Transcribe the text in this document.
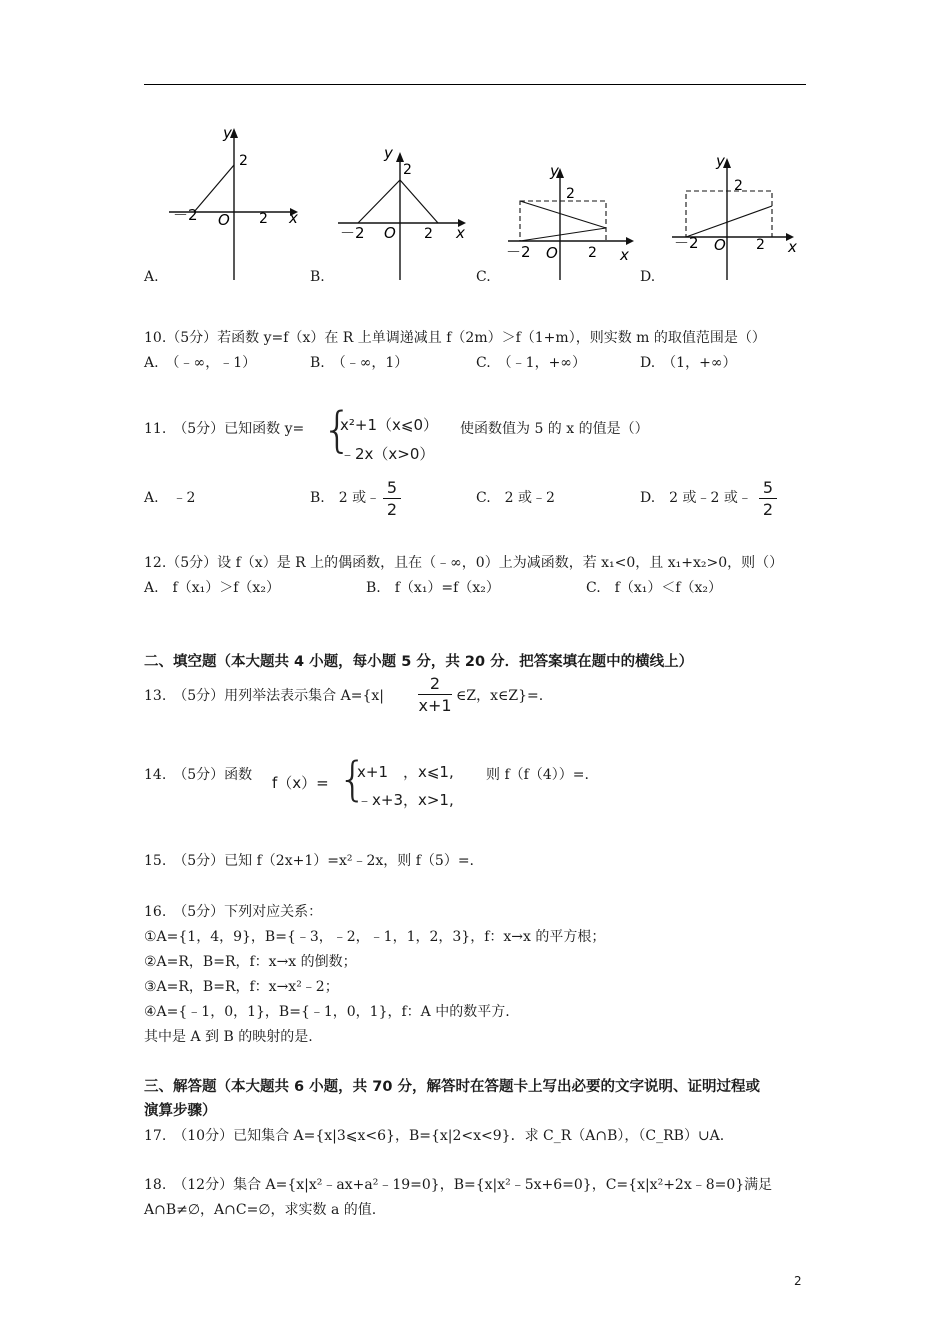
y
2
－2 O 2 x
A.
y
2
－2 O 2 x
B.
y
2
－2 O 2 x
C.
y
2
－2 O 2 x
D.
10.（5分）若函数 y=f（x）在 R 上单调递减且 f（2m）＞f（1+m），则实数 m 的取值范围是（）
A.　（﹣∞，﹣1）	B.　（﹣∞，1）	C.　（﹣1，+∞）	D.　（1，+∞）
11.　（5分）已知函数 y= {
x²+1（x⩽0）
﹣2x（x>0）
使函数值为 5 的 x 的值是（）
A.　﹣2	B.　2 或﹣
5
2
C.　2 或﹣2	D.　2 或﹣2 或﹣
5
2
12.（5分）设 f（x）是 R 上的偶函数，且在（﹣∞，0）上为减函数，若 x₁<0，且 x₁+x₂>0，则（）
A.　f（x₁）＞f（x₂）	B.　f（x₁）=f（x₂）	C.　f（x₁）＜f（x₂）
二、填空题（本大题共 4 小题，每小题 5 分，共 20 分．把答案填在题中的横线上）
13.　（5分）用列举法表示集合 A={x|
2
x+1 ∈Z，x∈Z}=.
14.　（5分）函数 f（x）= {
x+1　，x⩽1,
﹣x+3，x>1,
则 f（f（4））=.
15.　（5分）已知 f（2x+1）=x²﹣2x，则 f（5）=.
16.　（5分）下列对应关系：
①A={1，4，9}，B={﹣3，﹣2，﹣1，1，2，3}，f：x→x 的平方根；
②A=R，B=R，f：x→x 的倒数；
③A=R，B=R，f：x→x²﹣2；
④A={﹣1，0，1}，B={﹣1，0，1}，f：A 中的数平方.
其中是 A 到 B 的映射的是.
三、解答题（本大题共 6 小题，共 70 分，解答时在答题卡上写出必要的文字说明、证明过程或
演算步骤）
17.　（10分）已知集合 A={x|3⩽x<6}，B={x|2<x<9}．求 C_R（A∩B），（C_RB）∪A.
18.　（12分）集合 A={x|x²﹣ax+a²﹣19=0}，B={x|x²﹣5x+6=0}，C={x|x²+2x﹣8=0}满足
A∩B≠∅，A∩C=∅，求实数 a 的值.
2
